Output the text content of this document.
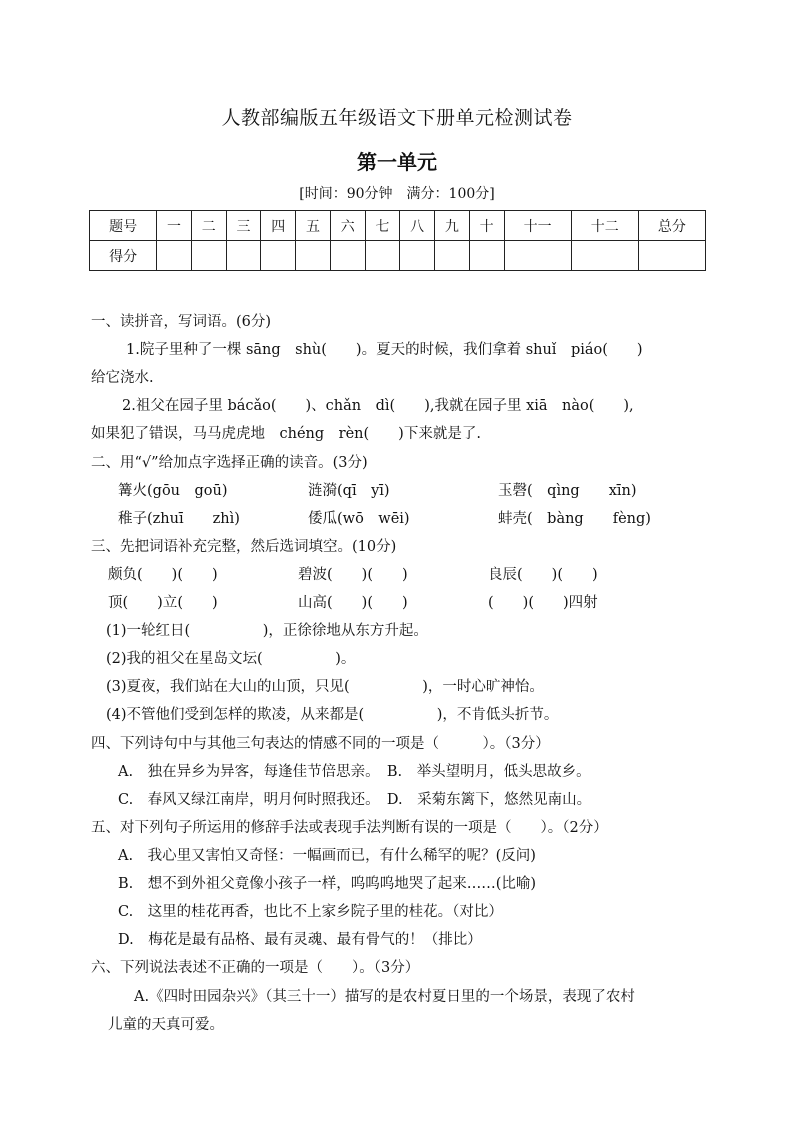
人教部编版五年级语文下册单元检测试卷
第一单元
[时间：90分钟　满分：100分]
题号	一	二	三	四	五	六	七	八	九	十	十一	十二	总分
得分													
一、读拼音，写词语。(6分)
1.院子里种了一棵 sāng　shù(　　)。夏天的时候，我们拿着 shuǐ　piáo(　　)
给它浇水.
2.祖父在园子里 bácǎo(　　)、chǎn　dì(　　),我就在园子里 xiā　nào(　　),
如果犯了错误，马马虎虎地　chéng　rèn(　　)下来就是了.
二、用“√”给加点字选择正确的读音。(3分)
篝火(gōu　goū)	涟漪(qī　yī)	玉磬(　qìng　　xīn)
稚子(zhuī　　zhì)	倭瓜(wō　wēi)	蚌壳(　bàng　　fèng)
三、先把词语补充完整，然后选词填空。(10分)
颇负(　　)(　　)	碧波(　　)(　　)	良辰(　　)(　　)
顶(　　)立(　　)	山高(　　)(　　)	(　　)(　　)四射
(1)一轮红日(　　　　　)，正徐徐地从东方升起。
(2)我的祖父在星岛文坛(　　　　　)。
(3)夏夜，我们站在大山的山顶，只见(　　　　　)，一时心旷神怡。
(4)不管他们受到怎样的欺凌，从来都是(　　　　　)，不肯低头折节。
四、下列诗句中与其他三句表达的情感不同的一项是（　　　）。（3分）
A.　独在异乡为异客，每逢佳节倍思亲。　B.　举头望明月，低头思故乡。
C.　春风又绿江南岸，明月何时照我还。　D.　采菊东篱下，悠然见南山。
五、对下列句子所运用的修辞手法或表现手法判断有误的一项是（　　）。（2分）
A.　我心里又害怕又奇怪：一幅画而已，有什么稀罕的呢？(反问)
B.　想不到外祖父竟像小孩子一样，呜呜呜地哭了起来……(比喻)
C.　这里的桂花再香，也比不上家乡院子里的桂花。（对比）
D.　梅花是最有品格、最有灵魂、最有骨气的！（排比）
六、下列说法表述不正确的一项是（　　）。（3分）
A.《四时田园杂兴》（其三十一）描写的是农村夏日里的一个场景，表现了农村
儿童的天真可爱。
